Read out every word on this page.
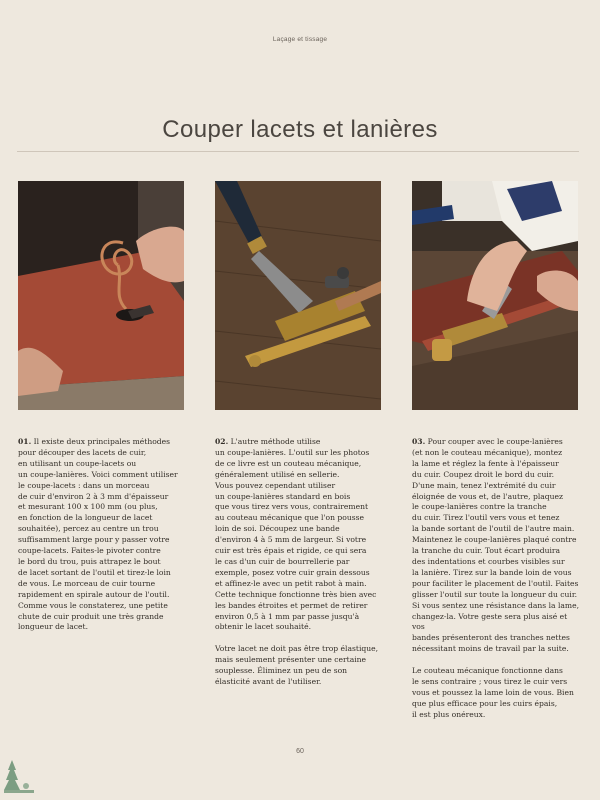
Laçage et tissage
Couper lacets et lanières

01. Il existe deux principales méthodes
pour découper des lacets de cuir,
en utilisant un coupe-lacets ou
un coupe-lanières. Voici comment utiliser
le coupe-lacets : dans un morceau
de cuir d'environ 2 à 3 mm d'épaisseur
et mesurant 100 x 100 mm (ou plus,
en fonction de la longueur de lacet
souhaitée), percez au centre un trou
suffisamment large pour y passer votre
coupe-lacets. Faites-le pivoter contre
le bord du trou, puis attrapez le bout
de lacet sortant de l'outil et tirez-le loin
de vous. Le morceau de cuir tourne
rapidement en spirale autour de l'outil.
Comme vous le constaterez, une petite
chute de cuir produit une très grande
longueur de lacet.

02. L'autre méthode utilise
un coupe-lanières. L'outil sur les photos
de ce livre est un couteau mécanique,
généralement utilisé en sellerie.
Vous pouvez cependant utiliser
un coupe-lanières standard en bois
que vous tirez vers vous, contrairement
au couteau mécanique que l'on pousse
loin de soi. Découpez une bande
d'environ 4 à 5 mm de largeur. Si votre
cuir est très épais et rigide, ce qui sera
le cas d'un cuir de bourrellerie par
exemple, posez votre cuir grain dessous
et affinez-le avec un petit rabot à main.
Cette technique fonctionne très bien avec
les bandes étroites et permet de retirer
environ 0,5 à 1 mm par passe jusqu'à
obtenir le lacet souhaité.

Votre lacet ne doit pas être trop élastique,
mais seulement présenter une certaine
souplesse. Éliminez un peu de son
élasticité avant de l'utiliser.

03. Pour couper avec le coupe-lanières
(et non le couteau mécanique), montez
la lame et réglez la fente à l'épaisseur
du cuir. Coupez droit le bord du cuir.
D'une main, tenez l'extrémité du cuir
éloignée de vous et, de l'autre, plaquez
le coupe-lanières contre la tranche
du cuir. Tirez l'outil vers vous et tenez
la bande sortant de l'outil de l'autre main.
Maintenez le coupe-lanières plaqué contre
la tranche du cuir. Tout écart produira
des indentations et courbes visibles sur
la lanière. Tirez sur la bande loin de vous
pour faciliter le placement de l'outil. Faites
glisser l'outil sur toute la longueur du cuir.
Si vous sentez une résistance dans la lame,
changez-la. Votre geste sera plus aisé et vos
bandes présenteront des tranches nettes
nécessitant moins de travail par la suite.

Le couteau mécanique fonctionne dans
le sens contraire ; vous tirez le cuir vers
vous et poussez la lame loin de vous. Bien
que plus efficace pour les cuirs épais,
il est plus onéreux.

60
